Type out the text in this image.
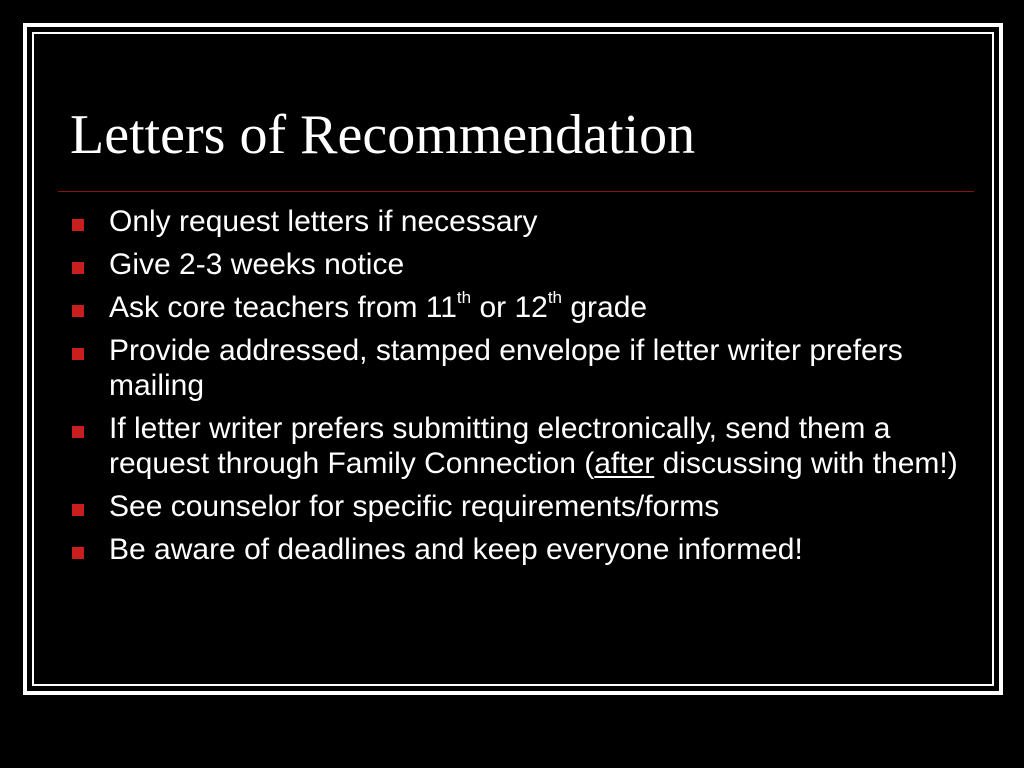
Letters of Recommendation
Only request letters if necessary
Give 2-3 weeks notice
Ask core teachers from 11th or 12th grade
Provide addressed, stamped envelope if letter writer prefers mailing
If letter writer prefers submitting electronically, send them a request through Family Connection (after discussing with them!)
See counselor for specific requirements/forms
Be aware of deadlines and keep everyone informed!
